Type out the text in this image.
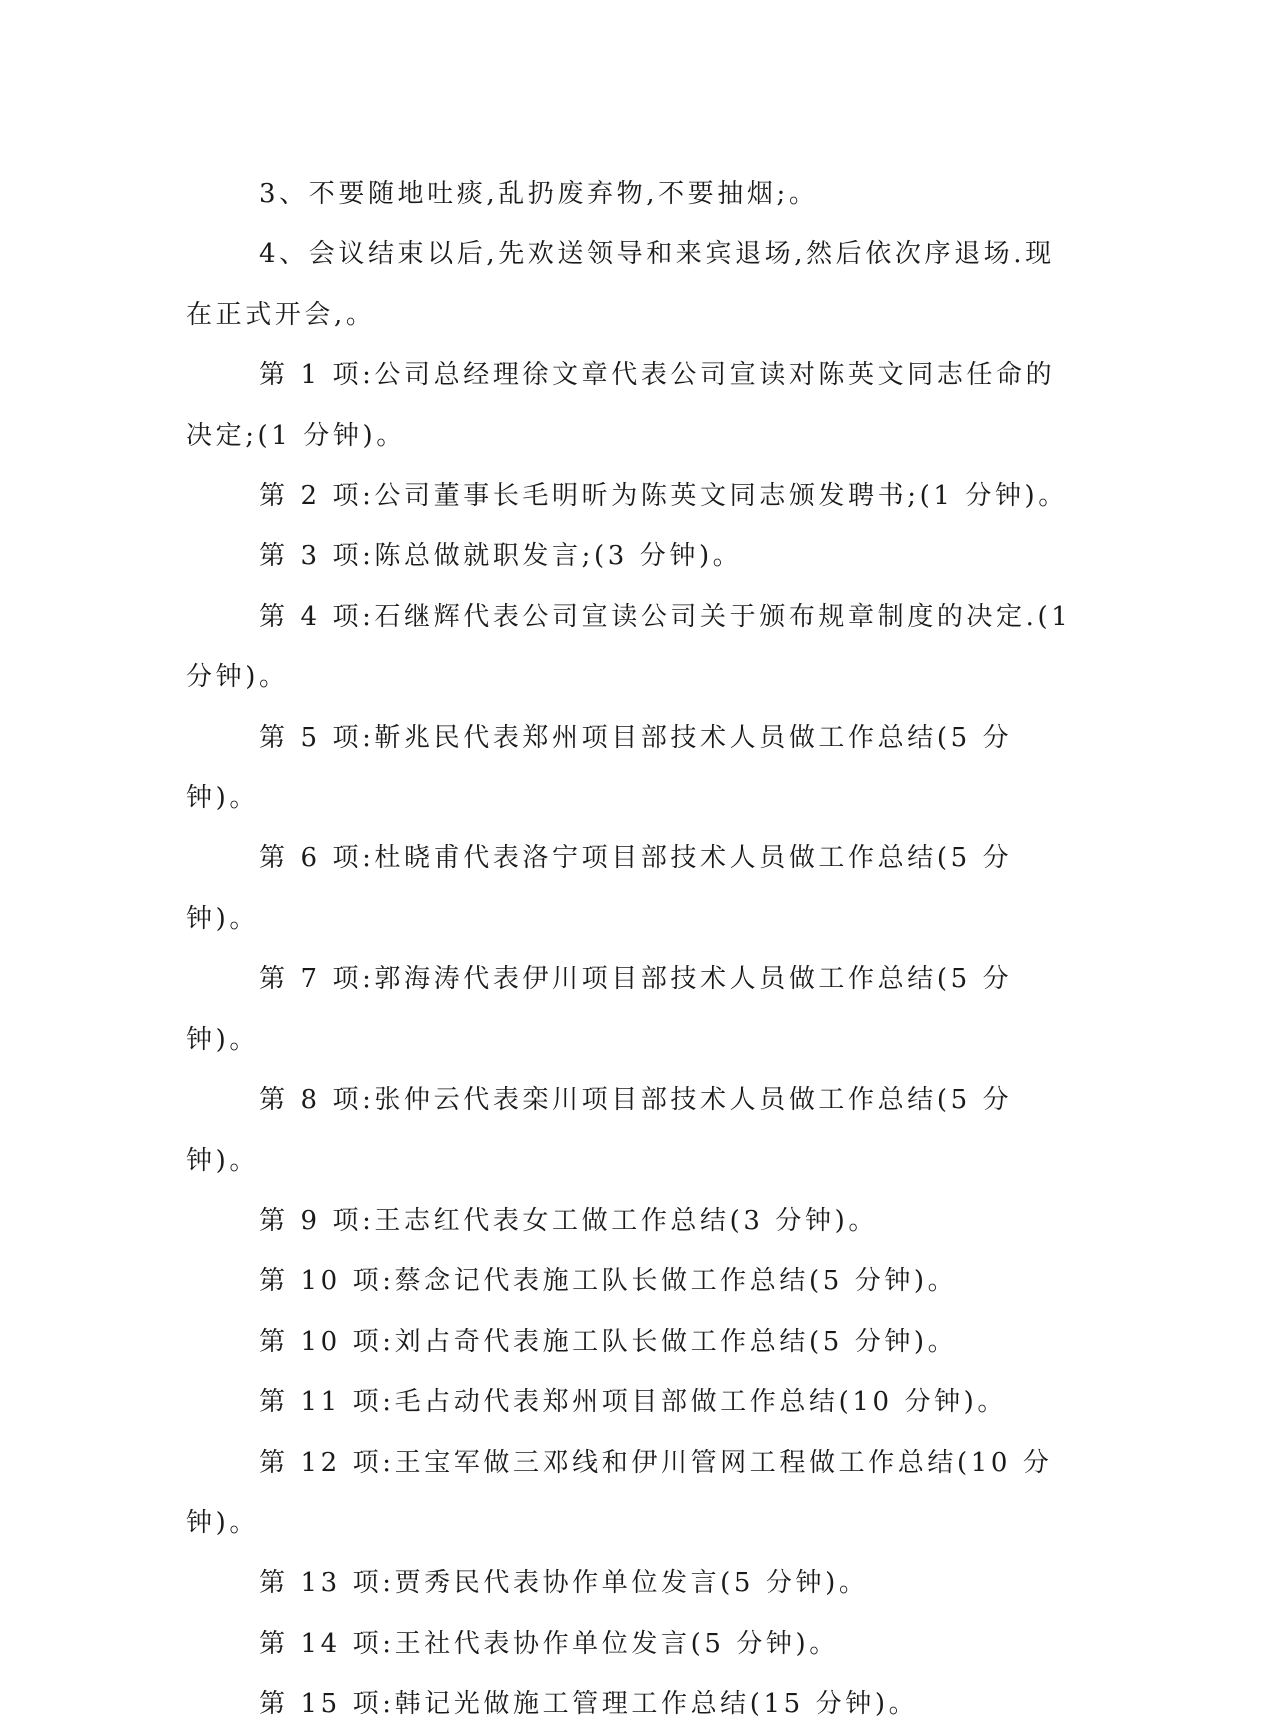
3、不要随地吐痰,乱扔废弃物,不要抽烟;。

4、会议结束以后,先欢送领导和来宾退场,然后依次序退场.现在正式开会,。

第 1 项:公司总经理徐文章代表公司宣读对陈英文同志任命的决定;(1 分钟)。

第 2 项:公司董事长毛明昕为陈英文同志颁发聘书;(1 分钟)。

第 3 项:陈总做就职发言;(3 分钟)。

第 4 项:石继辉代表公司宣读公司关于颁布规章制度的决定.(1 分钟)。

第 5 项:靳兆民代表郑州项目部技术人员做工作总结(5 分钟)。

第 6 项:杜晓甫代表洛宁项目部技术人员做工作总结(5 分钟)。

第 7 项:郭海涛代表伊川项目部技术人员做工作总结(5 分钟)。

第 8 项:张仲云代表栾川项目部技术人员做工作总结(5 分钟)。

第 9 项:王志红代表女工做工作总结(3 分钟)。

第 10 项:蔡念记代表施工队长做工作总结(5 分钟)。

第 10 项:刘占奇代表施工队长做工作总结(5 分钟)。

第 11 项:毛占动代表郑州项目部做工作总结(10 分钟)。

第 12 项:王宝军做三邓线和伊川管网工程做工作总结(10 分钟)。

第 13 项:贾秀民代表协作单位发言(5 分钟)。

第 14 项:王社代表协作单位发言(5 分钟)。

第 15 项:韩记光做施工管理工作总结(15 分钟)。
